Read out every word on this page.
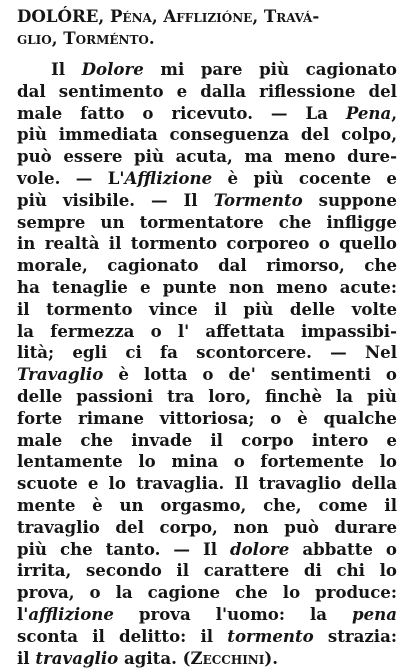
DOLÓRE, Péna, Afflizióne, Travá-
glio, Torménto.
Il Dolore mi pare più cagionato
dal sentimento e dalla riflessione del
male fatto o ricevuto. — La Pena,
più immediata conseguenza del colpo,
può essere più acuta, ma meno dure-
vole. — L'Afflizione è più cocente e
più visibile. — Il Tormento suppone
sempre un tormentatore che infligge
in realtà il tormento corporeo o quello
morale, cagionato dal rimorso, che
ha tenaglie e punte non meno acute:
il tormento vince il più delle volte
la fermezza o l' affettata impassibi-
lità; egli ci fa scontorcere. — Nel
Travaglio è lotta o de' sentimenti o
delle passioni tra loro, finchè la più
forte rimane vittoriosa; o è qualche
male che invade il corpo intero e
lentamente lo mina o fortemente lo
scuote e lo travaglia. Il travaglio della
mente è un orgasmo, che, come il
travaglio del corpo, non può durare
più che tanto. — Il dolore abbatte o
irrita, secondo il carattere di chi lo
prova, o la cagione che lo produce:
l'afflizione prova l'uomo: la pena
sconta il delitto: il tormento strazia:
il travaglio agita. (Zecchini).
